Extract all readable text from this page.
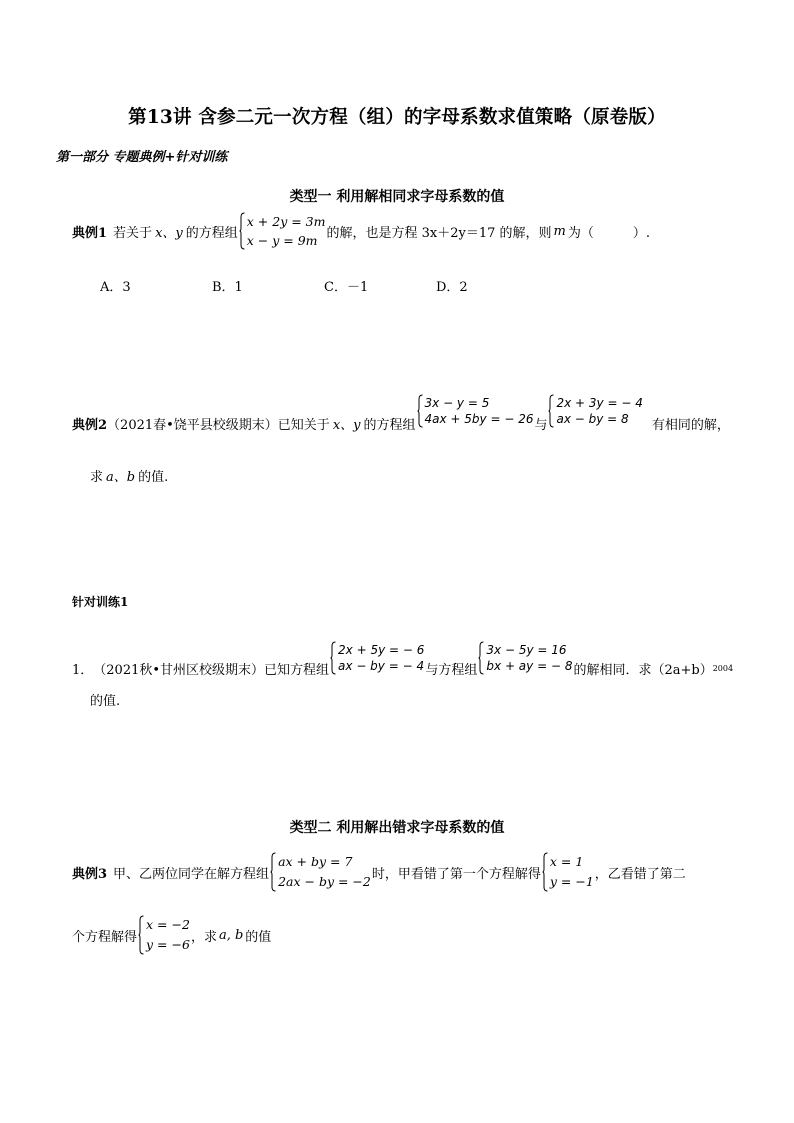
第13讲 含参二元一次方程（组）的字母系数求值策略（原卷版）
第一部分 专题典例+针对训练
类型一 利用解相同求字母系数的值
典例1 若关于 x、y 的方程组
x + 2y = 3m
x − y = 9m 的解，也是方程 3x＋2y＝17 的解，则 m 为（　　　）.
A．3	B．1	C．－1	D．2
典例2 （2021春•饶平县校级期末）已知关于 x、y 的方程组
3x − y = 5
4ax + 5by = − 26 与
2x + 3y = − 4
ax − by = 8	有相同的解，
求 a、b 的值.
针对训练1
1． （2021秋•甘州区校级期末）已知方程组
2x + 5y = − 6
ax − by = − 4 与方程组
3x − 5y = 16
bx + ay = − 8 的解相同．求（2a+b） 2004
的值.
类型二 利用解出错求字母系数的值
典例3 甲、乙两位同学在解方程组
ax + by = 7
2ax − by = −2 时，甲看错了第一个方程解得
x = 1
y = −1 ，乙看错了第二
个方程解得
x = −2
y = −6 ，求 a, b 的值
